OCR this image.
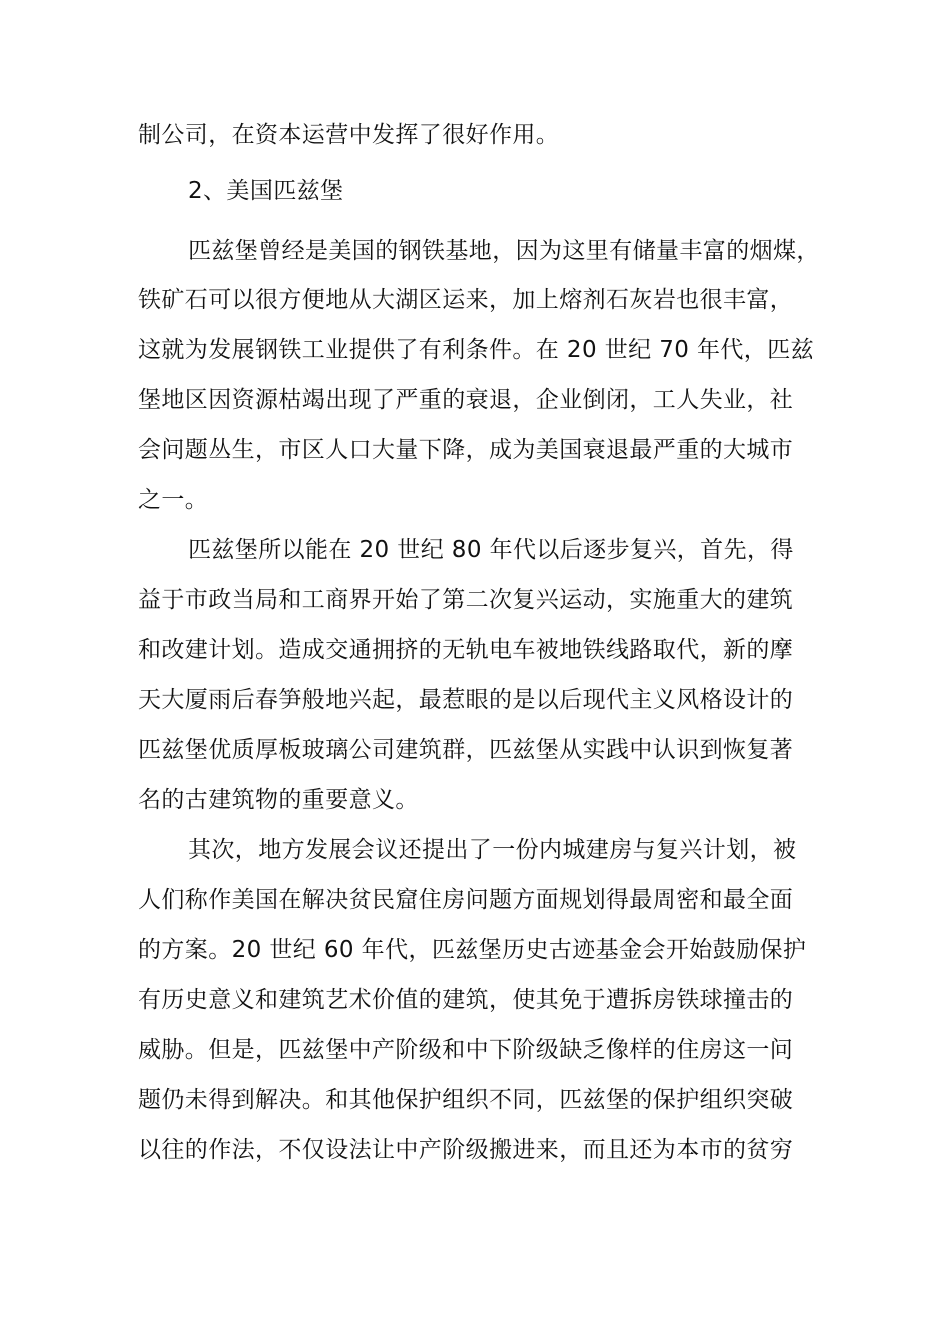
制公司，在资本运营中发挥了很好作用。
2、美国匹兹堡
匹兹堡曾经是美国的钢铁基地，因为这里有储量丰富的烟煤，
铁矿石可以很方便地从大湖区运来，加上熔剂石灰岩也很丰富，
这就为发展钢铁工业提供了有利条件。在 20 世纪 70 年代，匹兹
堡地区因资源枯竭出现了严重的衰退，企业倒闭，工人失业，社
会问题丛生，市区人口大量下降，成为美国衰退最严重的大城市
之一。
匹兹堡所以能在 20 世纪 80 年代以后逐步复兴，首先，得
益于市政当局和工商界开始了第二次复兴运动，实施重大的建筑
和改建计划。造成交通拥挤的无轨电车被地铁线路取代，新的摩
天大厦雨后春笋般地兴起，最惹眼的是以后现代主义风格设计的
匹兹堡优质厚板玻璃公司建筑群，匹兹堡从实践中认识到恢复著
名的古建筑物的重要意义。
其次，地方发展会议还提出了一份内城建房与复兴计划，被
人们称作美国在解决贫民窟住房问题方面规划得最周密和最全面
的方案。20 世纪 60 年代，匹兹堡历史古迹基金会开始鼓励保护
有历史意义和建筑艺术价值的建筑，使其免于遭拆房铁球撞击的
威胁。但是，匹兹堡中产阶级和中下阶级缺乏像样的住房这一问
题仍未得到解决。和其他保护组织不同，匹兹堡的保护组织突破
以往的作法，不仅设法让中产阶级搬进来，而且还为本市的贫穷
